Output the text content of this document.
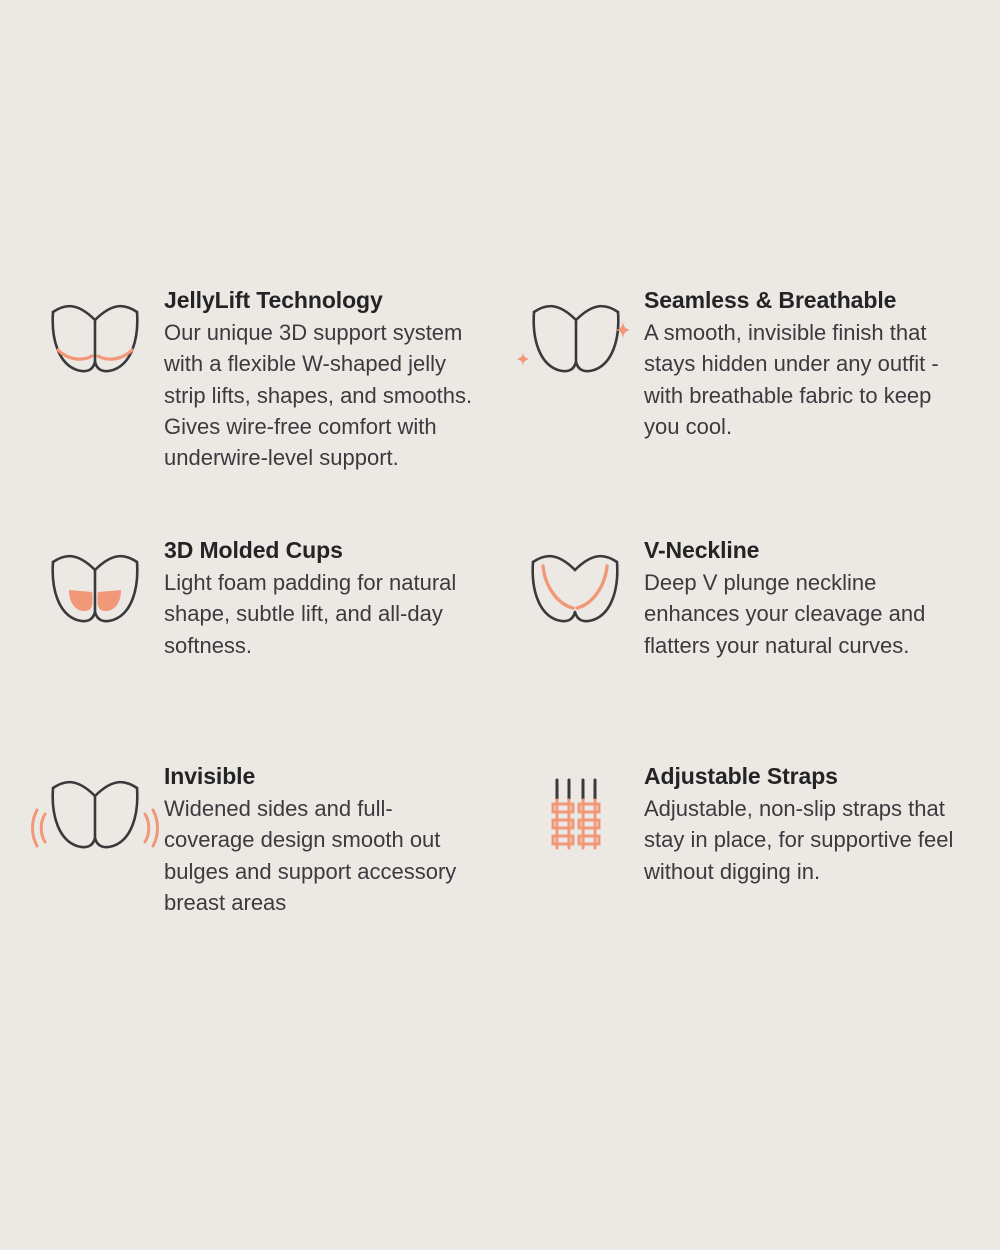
JellyLift Technology

Our unique 3D support system with a flexible W-shaped jelly strip lifts, shapes, and smooths. Gives wire-free comfort with underwire-level support.

Seamless & Breathable

A smooth, invisible finish that stays hidden under any outfit - with breathable fabric to keep you cool.

3D Molded Cups

Light foam padding for natural shape, subtle lift, and all-day softness.

V-Neckline

Deep V plunge neckline enhances your cleavage and flatters your natural curves.

Invisible

Widened sides and full-coverage design smooth out bulges and support accessory breast areas

Adjustable Straps

Adjustable, non-slip straps that stay in place, for supportive feel without digging in.
